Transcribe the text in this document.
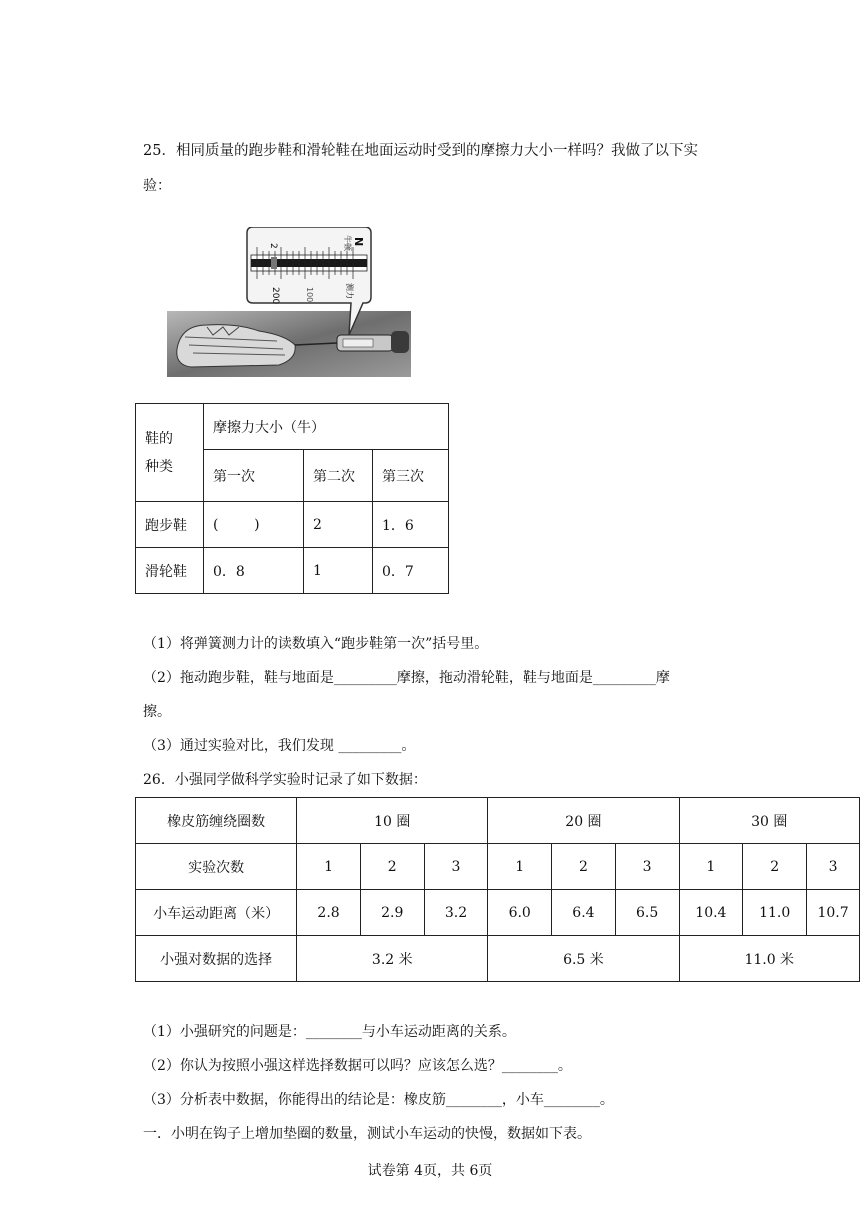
25．相同质量的跑步鞋和滑轮鞋在地面运动时受到的摩擦力大小一样吗？我做了以下实
验：
2
100
200
N
牛顿
测力
鞋的
种类	摩擦力大小（牛）		
	第一次	第二次	第三次
跑步鞋	(        )	2	1．6
滑轮鞋	0．8	1	0．7
（1）将弹簧测力计的读数填入“跑步鞋第一次”括号里。
（2）拖动跑步鞋，鞋与地面是_________摩擦，拖动滑轮鞋，鞋与地面是_________摩
擦。
（3）通过实验对比，我们发现 _________。
26．小强同学做科学实验时记录了如下数据：
橡皮筋缠绕圈数	10 圈			20 圈			30 圈		
实验次数	1	2	3	1	2	3	1	2	3
小车运动距离（米）	2.8	2.9	3.2	6.0	6.4	6.5	10.4	11.0	10.7
小强对数据的选择	3.2 米			6.5 米			11.0 米		
（1）小强研究的问题是：________与小车运动距离的关系。
（2）你认为按照小强这样选择数据可以吗？应该怎么选？________。
（3）分析表中数据，你能得出的结论是：橡皮筋________，小车________。
一．小明在钩子上增加垫圈的数量，测试小车运动的快慢，数据如下表。
试卷第 4页，共 6页
